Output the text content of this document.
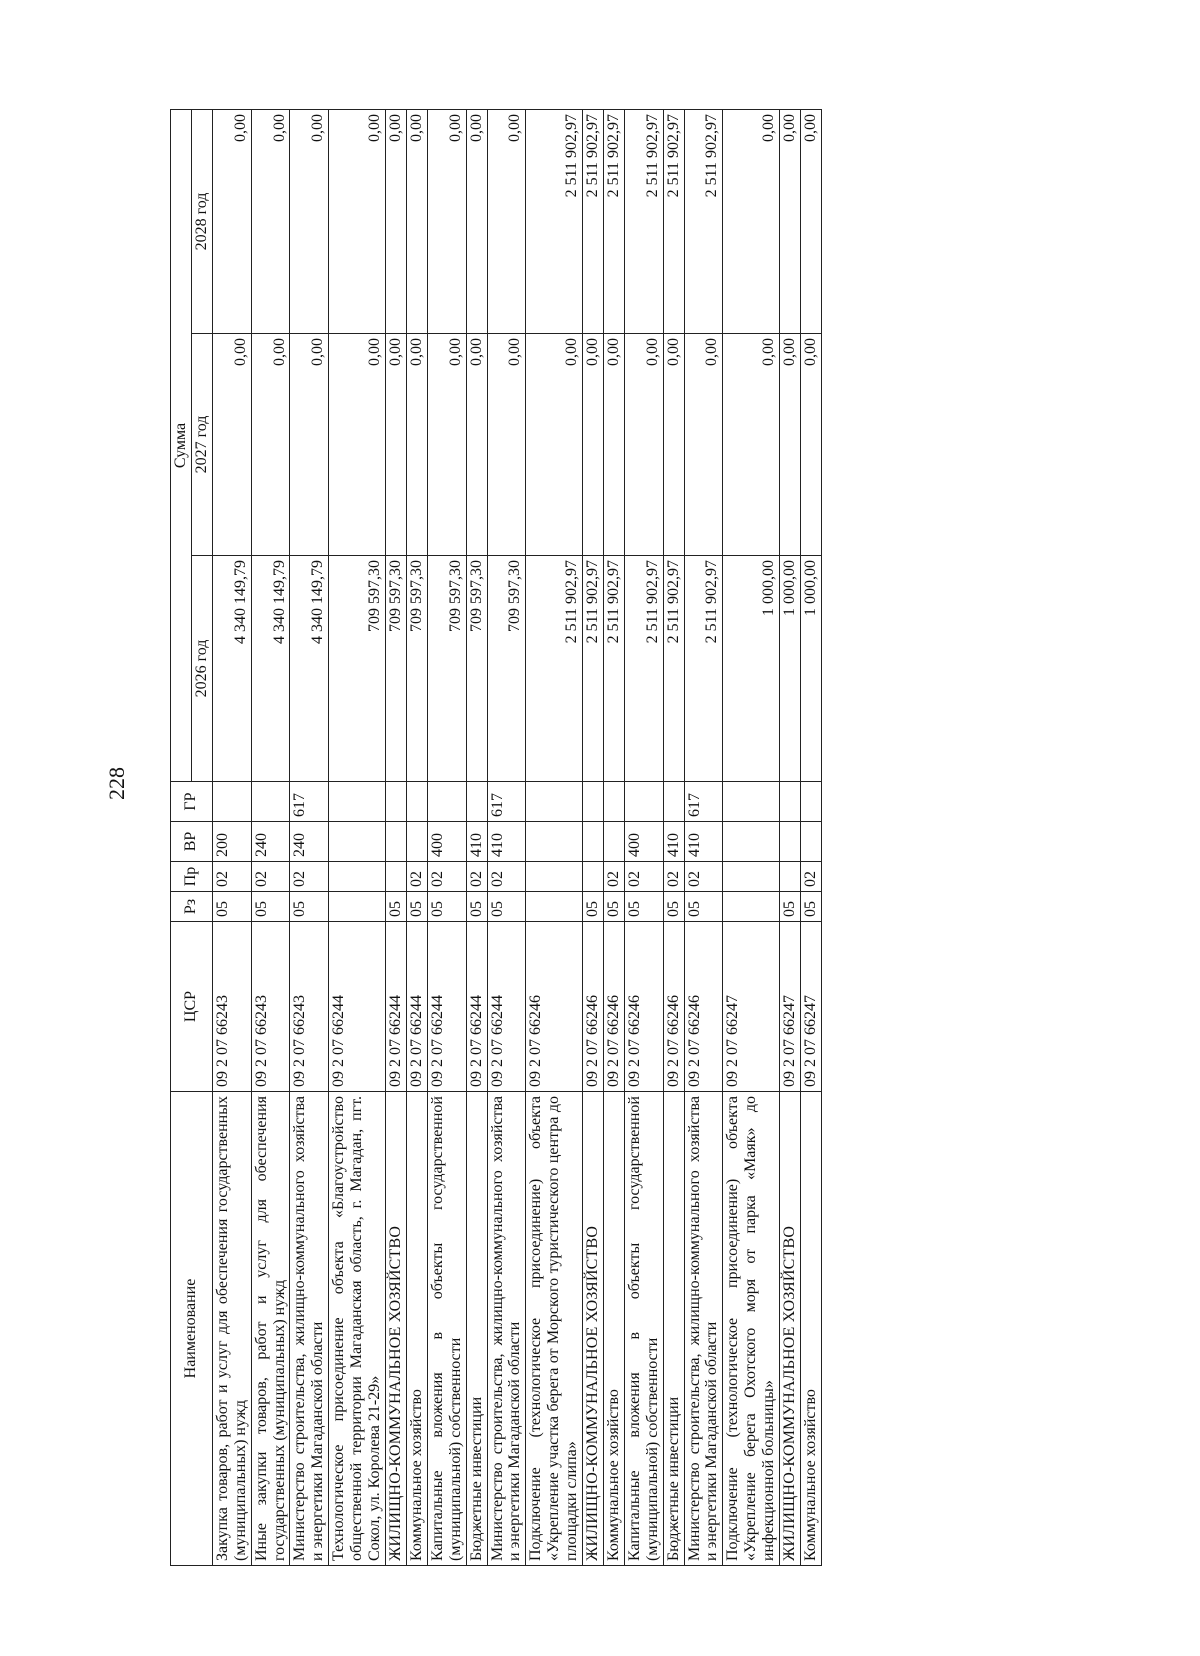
228
Наименование	ЦСР	Рз	Пр	ВР	ГР	Сумма		
						2026 год	2027 год	2028 год
Закупка товаров, работ и услуг для обеспечения государственных (муниципальных) нужд	09 2 07 66243	05	02	200		4 340 149,79	0,00	0,00
Иные закупки товаров, работ и услуг для обеспечения государственных (муниципальных) нужд	09 2 07 66243	05	02	240		4 340 149,79	0,00	0,00
Министерство строительства, жилищно-коммунального хозяйства и энергетики Магаданской области	09 2 07 66243	05	02	240	617	4 340 149,79	0,00	0,00
Технологическое присоединение объекта «Благоустройство общественной территории Магаданская область, г. Магадан, пгт. Сокол, ул. Королева 21-29»	09 2 07 66244					709 597,30	0,00	0,00
ЖИЛИЩНО-КОММУНАЛЬНОЕ ХОЗЯЙСТВО	09 2 07 66244	05				709 597,30	0,00	0,00
Коммунальное хозяйство	09 2 07 66244	05	02			709 597,30	0,00	0,00
Капитальные вложения в объекты государственной (муниципальной) собственности	09 2 07 66244	05	02	400		709 597,30	0,00	0,00
Бюджетные инвестиции	09 2 07 66244	05	02	410		709 597,30	0,00	0,00
Министерство строительства, жилищно-коммунального хозяйства и энергетики Магаданской области	09 2 07 66244	05	02	410	617	709 597,30	0,00	0,00
Подключение (технологическое присоединение) объекта «Укрепление участка берега от Морского туристического центра до площадки слипа»	09 2 07 66246					2 511 902,97	0,00	2 511 902,97
ЖИЛИЩНО-КОММУНАЛЬНОЕ ХОЗЯЙСТВО	09 2 07 66246	05				2 511 902,97	0,00	2 511 902,97
Коммунальное хозяйство	09 2 07 66246	05	02			2 511 902,97	0,00	2 511 902,97
Капитальные вложения в объекты государственной (муниципальной) собственности	09 2 07 66246	05	02	400		2 511 902,97	0,00	2 511 902,97
Бюджетные инвестиции	09 2 07 66246	05	02	410		2 511 902,97	0,00	2 511 902,97
Министерство строительства, жилищно-коммунального хозяйства и энергетики Магаданской области	09 2 07 66246	05	02	410	617	2 511 902,97	0,00	2 511 902,97
Подключение (технологическое присоединение) объекта «Укрепление берега Охотского моря от парка «Маяк» до инфекционной больницы»	09 2 07 66247					1 000,00	0,00	0,00
ЖИЛИЩНО-КОММУНАЛЬНОЕ ХОЗЯЙСТВО	09 2 07 66247	05				1 000,00	0,00	0,00
Коммунальное хозяйство	09 2 07 66247	05	02			1 000,00	0,00	0,00
